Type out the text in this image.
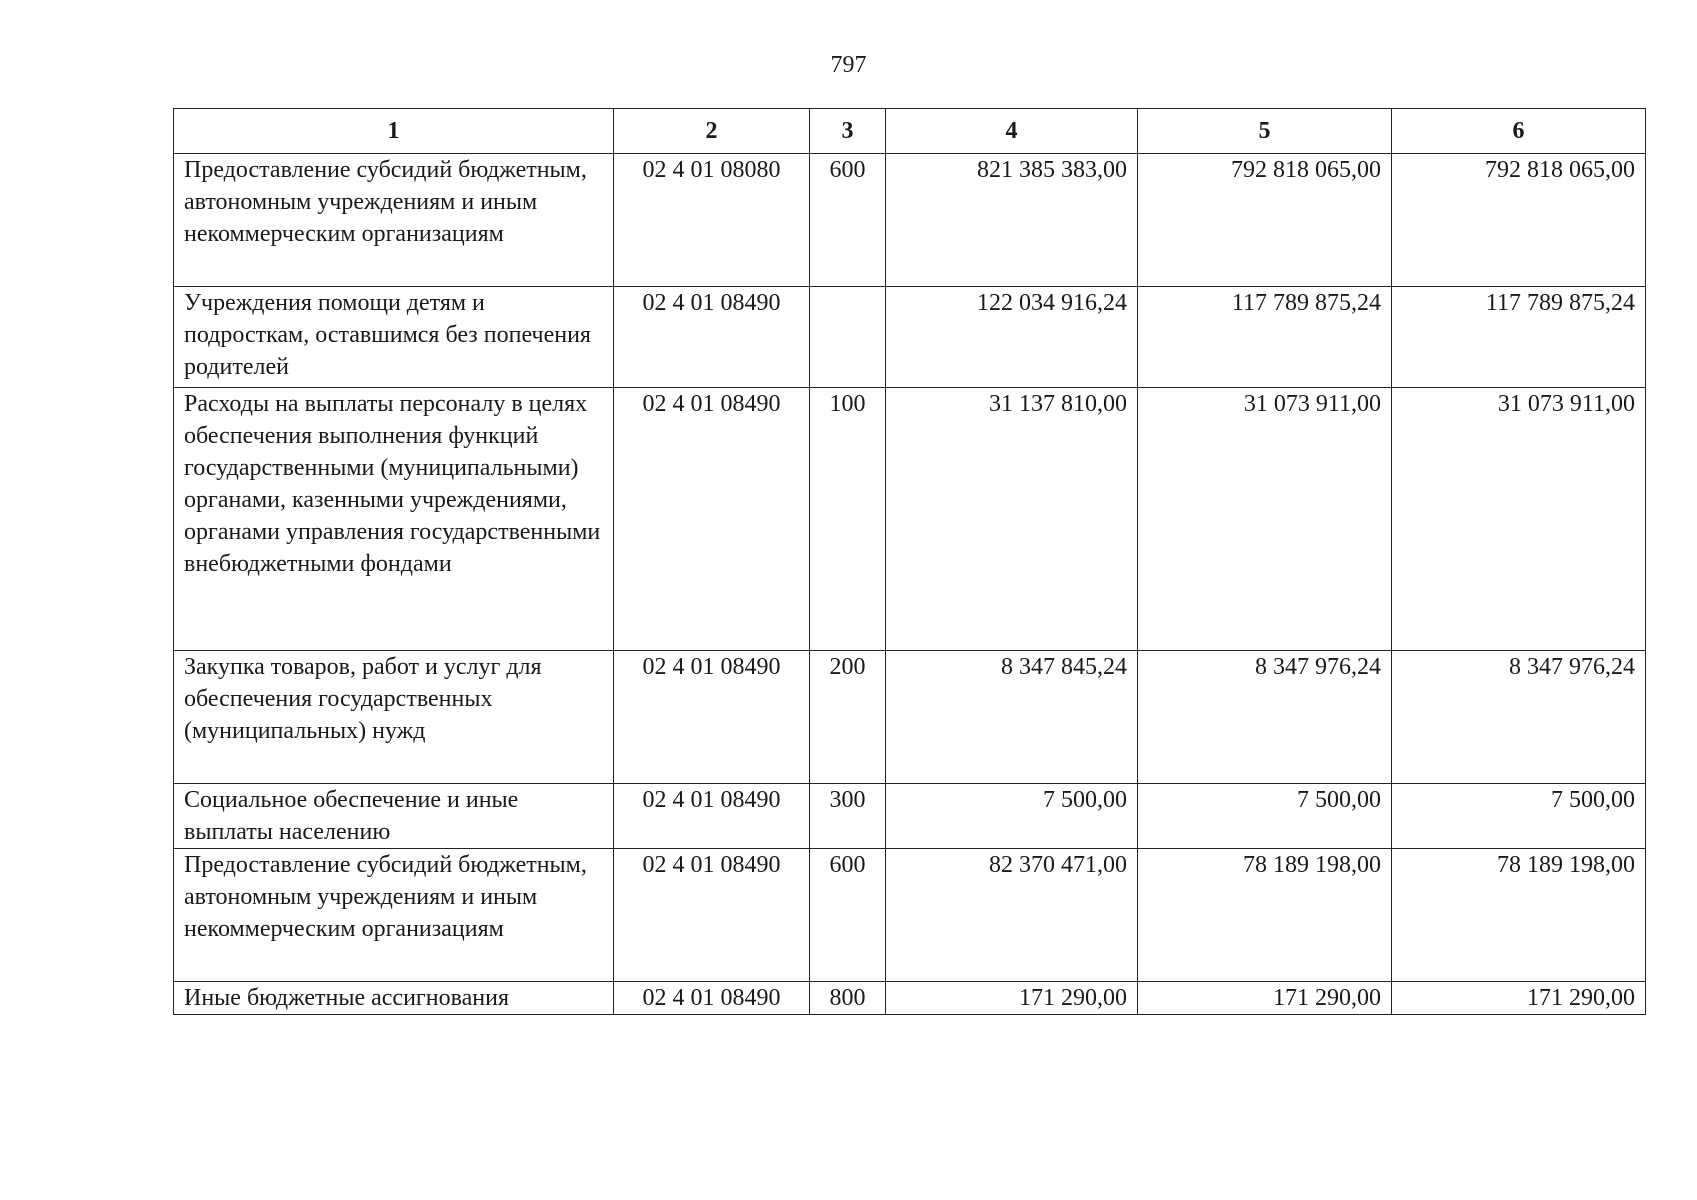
797
1	2	3	4	5	6
Предоставление субсидий бюджетным, автономным учреждениям и иным некоммерческим организациям	02 4 01 08080	600	821 385 383,00	792 818 065,00	792 818 065,00
Учреждения помощи детям и подросткам, оставшимся без попечения родителей	02 4 01 08490		122 034 916,24	117 789 875,24	117 789 875,24
Расходы на выплаты персоналу в целях обеспечения выполнения функций государственными (муниципальными) органами, казенными учреждениями, органами управления государственными внебюджетными фондами	02 4 01 08490	100	31 137 810,00	31 073 911,00	31 073 911,00
Закупка товаров, работ и услуг для обеспечения государственных (муниципальных) нужд	02 4 01 08490	200	8 347 845,24	8 347 976,24	8 347 976,24
Социальное обеспечение и иные выплаты населению	02 4 01 08490	300	7 500,00	7 500,00	7 500,00
Предоставление субсидий бюджетным, автономным учреждениям и иным некоммерческим организациям	02 4 01 08490	600	82 370 471,00	78 189 198,00	78 189 198,00
Иные бюджетные ассигнования	02 4 01 08490	800	171 290,00	171 290,00	171 290,00
